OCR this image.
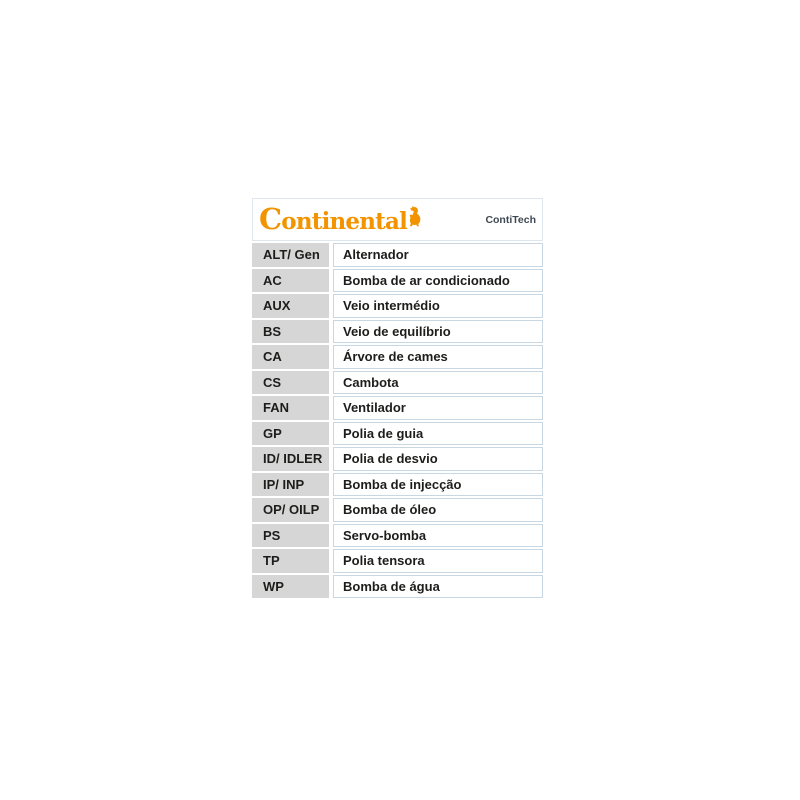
Continental	ContiTech
ALT/ Gen	Alternador
AC	Bomba de ar condicionado
AUX	Veio intermédio
BS	Veio de equilíbrio
CA	Árvore de cames
CS	Cambota
FAN	Ventilador
GP	Polia de guia
ID/ IDLER	Polia de desvio
IP/ INP	Bomba de injecção
OP/ OILP	Bomba de óleo
PS	Servo-bomba
TP	Polia tensora
WP	Bomba de água
